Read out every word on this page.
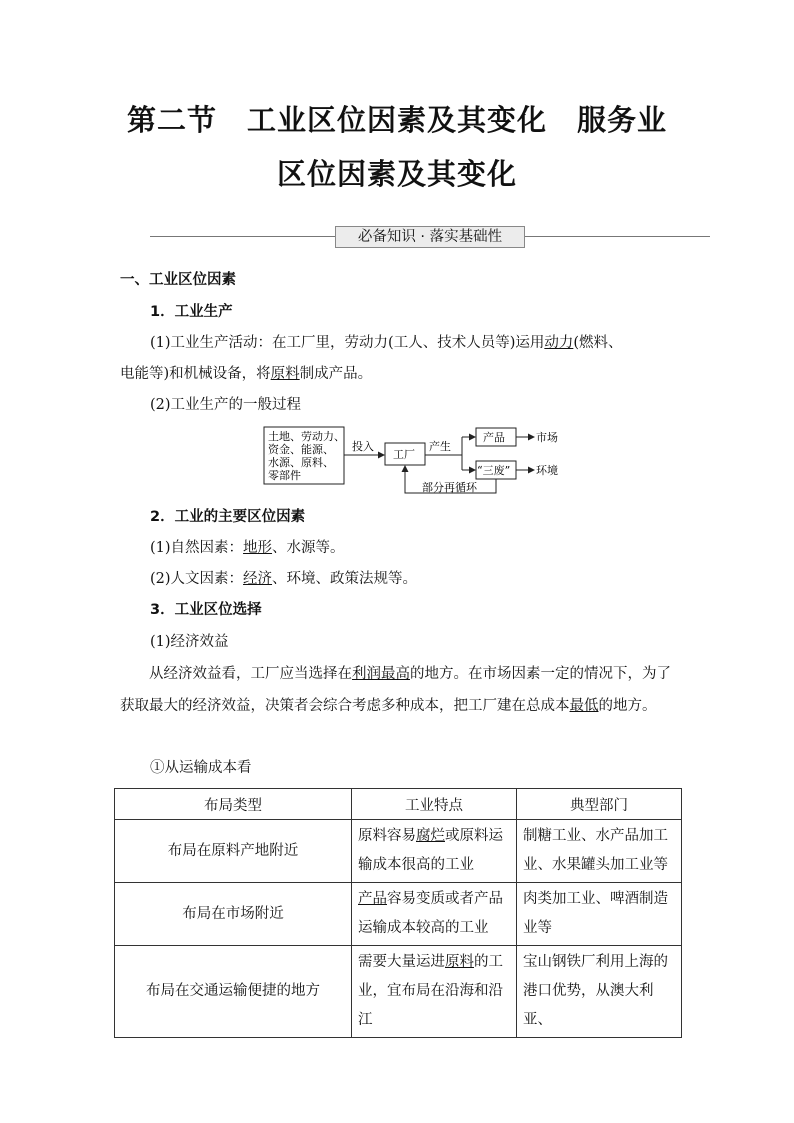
第二节　工业区位因素及其变化　服务业
区位因素及其变化
必备知识 · 落实基础性
一、工业区位因素
1．工业生产
(1)工业生产活动：在工厂里，劳动力(工人、技术人员等)运用动力(燃料、
电能等)和机械设备，将原料制成产品。
(2)工业生产的一般过程
土地、劳动力、
资金、能源、
水源、原料、
零部件
投入
工厂
产生
产品
“三废”
市场
环境
部分再循环
2．工业的主要区位因素
(1)自然因素：地形、水源等。
(2)人文因素：经济、环境、政策法规等。
3．工业区位选择
(1)经济效益
从经济效益看，工厂应当选择在利润最高的地方。在市场因素一定的情况下，为了获取最大的经济效益，决策者会综合考虑多种成本，把工厂建在总成本最低的地方。
①从运输成本看
布局类型	工业特点	典型部门
布局在原料产地附近	原料容易腐烂或原料运输成本很高的工业	制糖工业、水产品加工业、水果罐头加工业等
布局在市场附近	产品容易变质或者产品运输成本较高的工业	肉类加工业、啤酒制造业等
布局在交通运输便捷的地方	需要大量运进原料的工业，宜布局在沿海和沿江	宝山钢铁厂利用上海的港口优势，从澳大利亚、
